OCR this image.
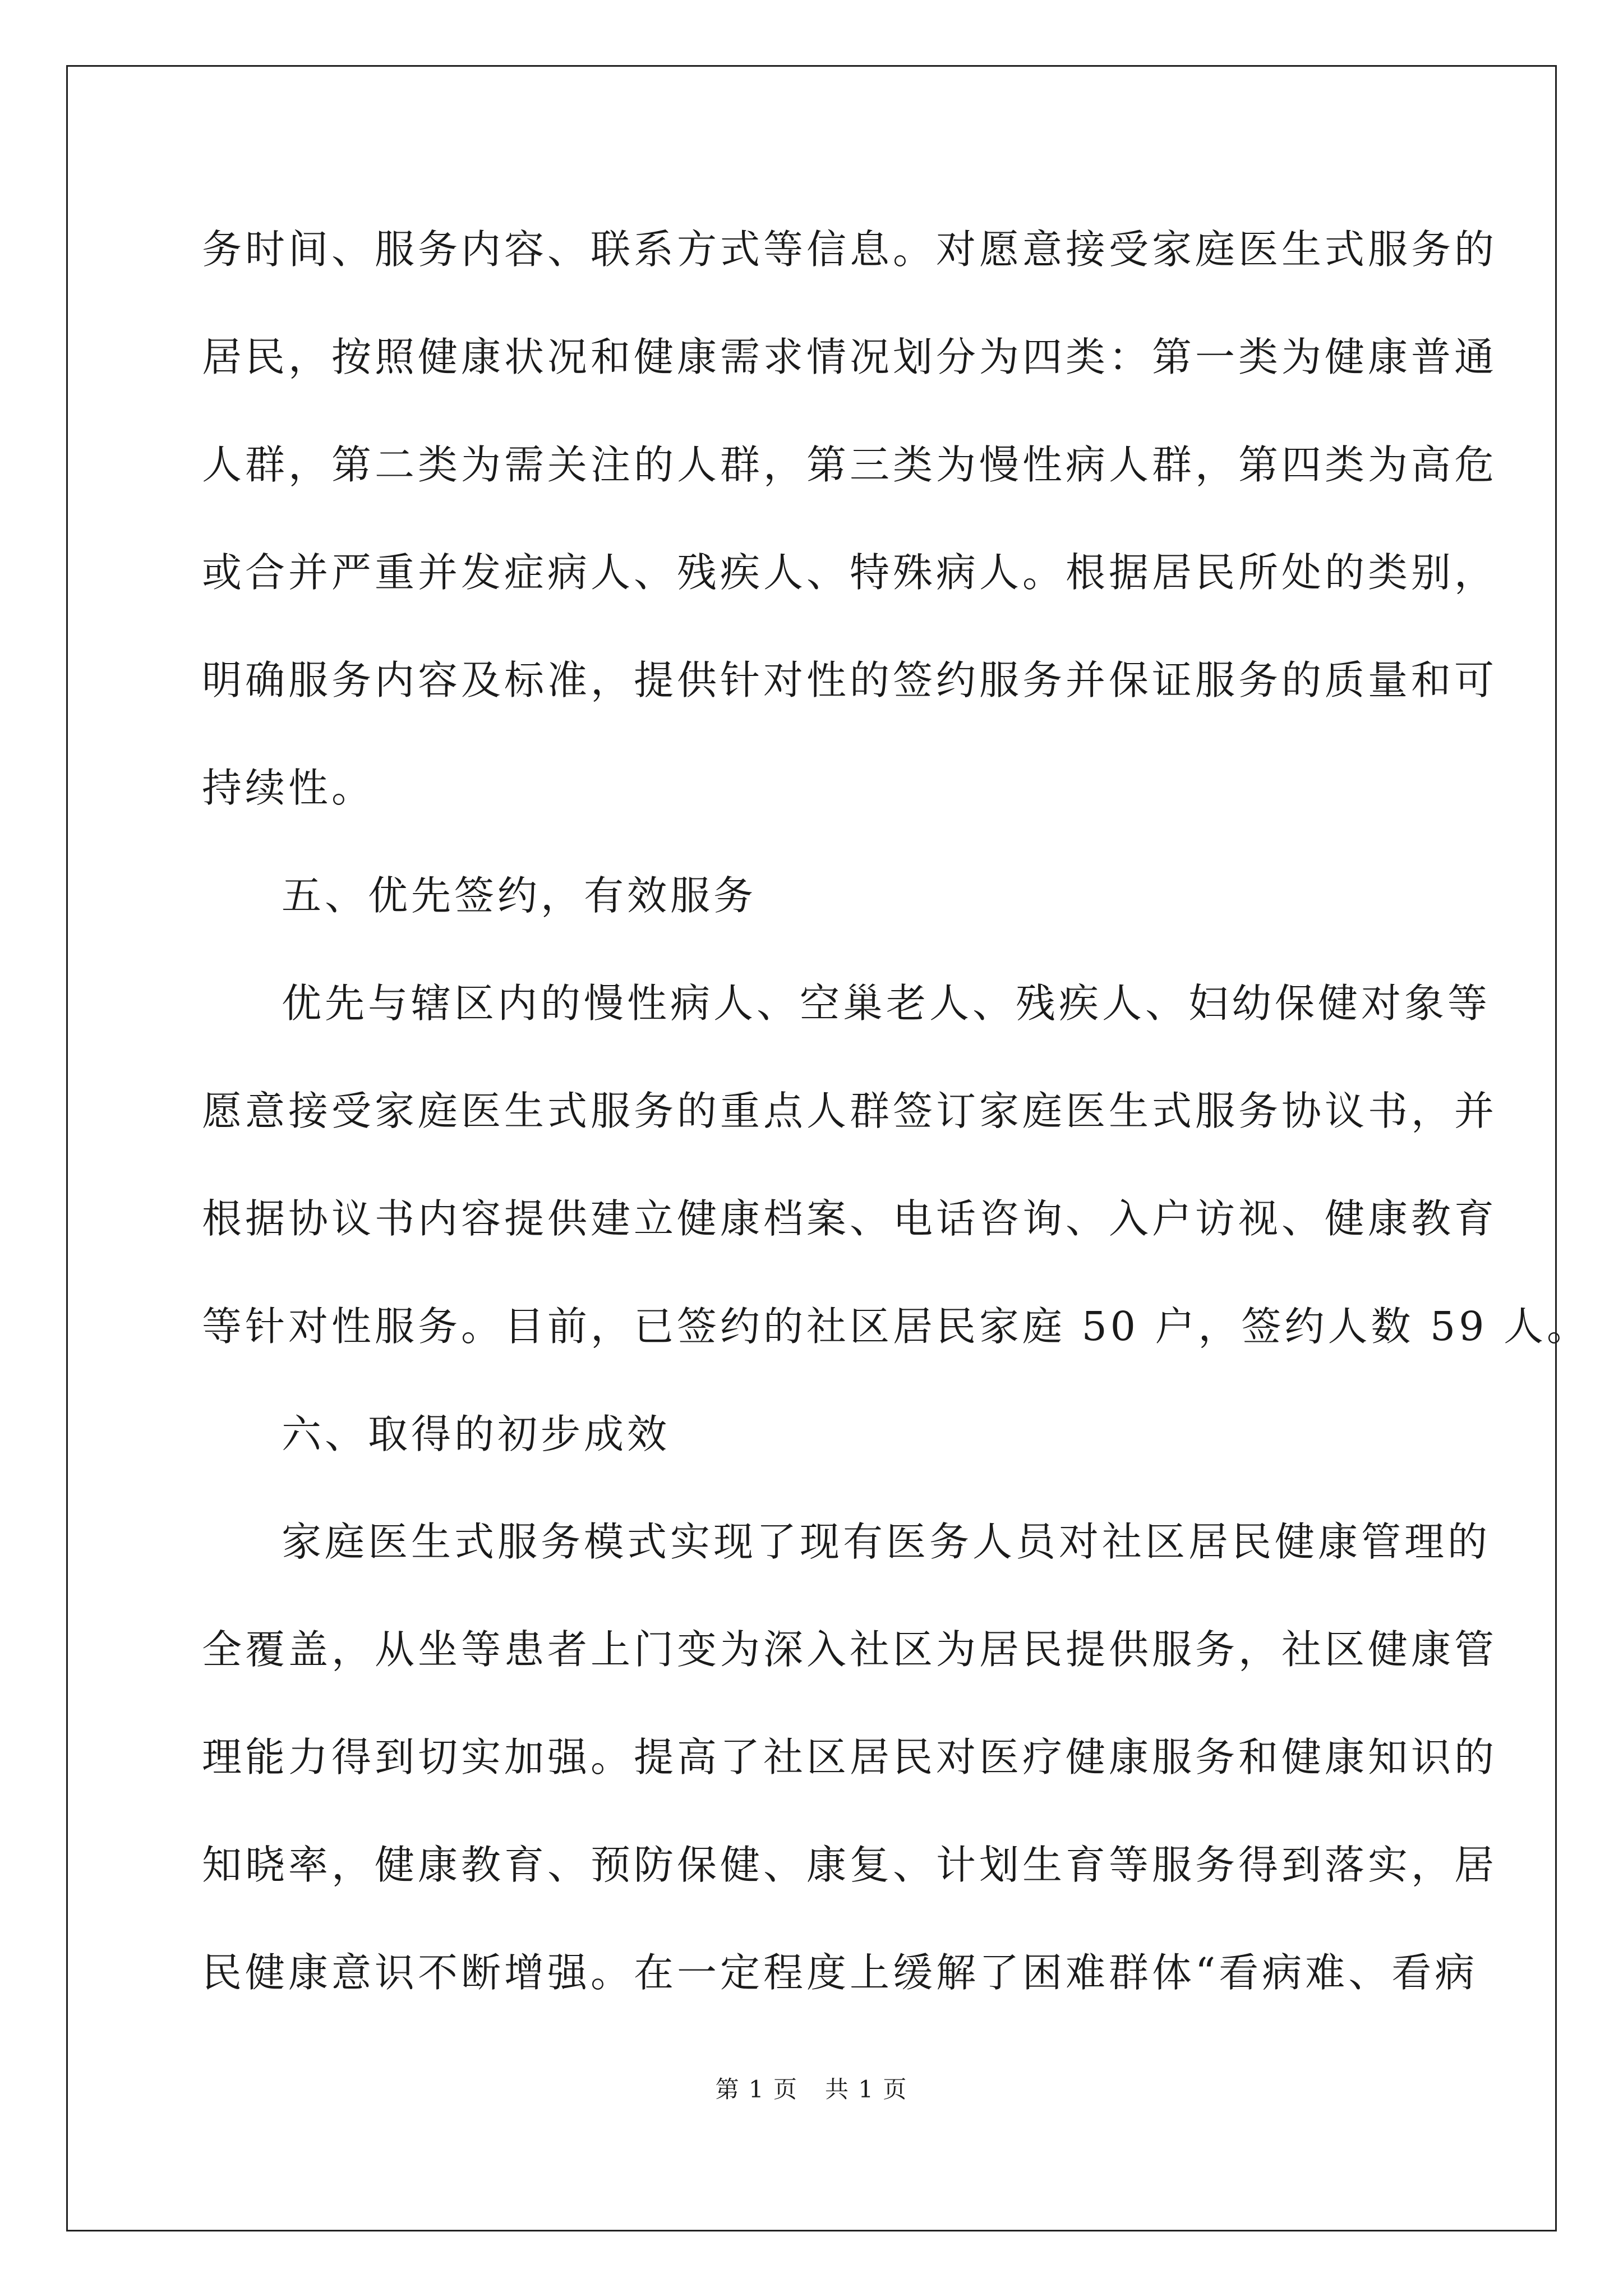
务时间、服务内容、联系方式等信息。对愿意接受家庭医生式服务的
居民，按照健康状况和健康需求情况划分为四类：第一类为健康普通
人群，第二类为需关注的人群，第三类为慢性病人群，第四类为高危
或合并严重并发症病人、残疾人、特殊病人。根据居民所处的类别，
明确服务内容及标准，提供针对性的签约服务并保证服务的质量和可
持续性。
五、优先签约，有效服务
优先与辖区内的慢性病人、空巢老人、残疾人、妇幼保健对象等
愿意接受家庭医生式服务的重点人群签订家庭医生式服务协议书，并
根据协议书内容提供建立健康档案、电话咨询、入户访视、健康教育
等针对性服务。目前，已签约的社区居民家庭 50 户，签约人数 59 人。
六、取得的初步成效
家庭医生式服务模式实现了现有医务人员对社区居民健康管理的
全覆盖，从坐等患者上门变为深入社区为居民提供服务，社区健康管
理能力得到切实加强。提高了社区居民对医疗健康服务和健康知识的
知晓率，健康教育、预防保健、康复、计划生育等服务得到落实，居
民健康意识不断增强。在一定程度上缓解了困难群体“看病难、看病
第 1 页 共 1 页
